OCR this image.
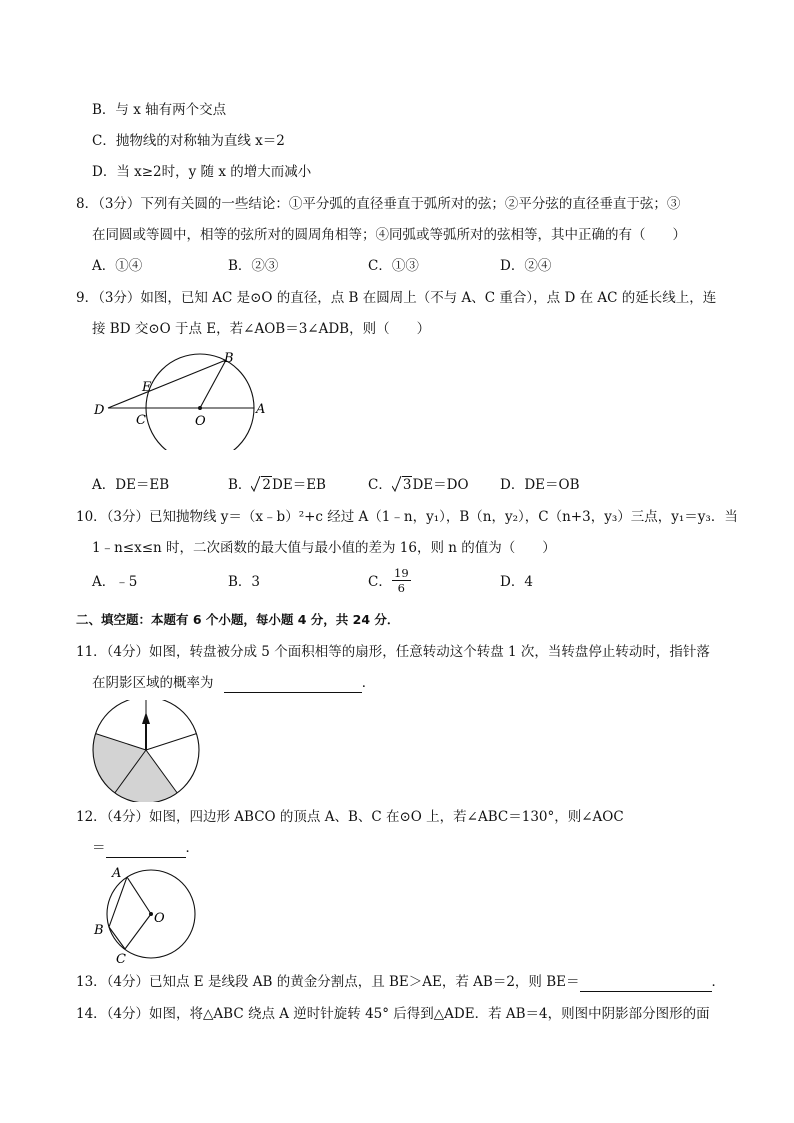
B．与 x 轴有两个交点
C．抛物线的对称轴为直线 x＝2
D．当 x≥2时，y 随 x 的增大而减小
8．（3分）下列有关圆的一些结论：①平分弧的直径垂直于弧所对的弦；②平分弦的直径垂直于弦；③
在同圆或等圆中，相等的弦所对的圆周角相等；④同弧或等弧所对的弦相等，其中正确的有（　　）
A．①④	B．②③	C．①③	D．②④
9．（3分）如图，已知 AC 是⊙O 的直径，点 B 在圆周上（不与 A、C 重合），点 D 在 AC 的延长线上，连
接 BD 交⊙O 于点 E，若∠AOB＝3∠ADB，则（　　）
B
E
D
C	O
A
A．DE＝EB	B． 2DE＝EB	C． 3DE＝DO D．DE＝OB
10．（3分）已知抛物线 y＝（x﹣b）²+c 经过 A（1﹣n，y₁），B（n，y₂），C（n+3，y₃）三点，y₁＝y₃．当
1﹣n≤x≤n 时，二次函数的最大值与最小值的差为 16，则 n 的值为（　　）
A．﹣5	B．3	C．	D．4
$\frac{19}{6}$
二、填空题：本题有 6 个小题，每小题 4 分，共 24 分．
11．（4分）如图，转盘被分成 5 个面积相等的扇形，任意转动这个转盘 1 次，当转盘停止转动时，指针落
在阴影区域的概率为	．
12．（4分）如图，四边形 ABCO 的顶点 A、B、C 在⊙O 上，若∠ABC＝130°，则∠AOC
＝	．
A
B
C
O
13．（4分）已知点 E 是线段 AB 的黄金分割点，且 BE＞AE，若 AB＝2，则 BE＝	．
14．（4分）如图，将△ABC 绕点 A 逆时针旋转 45° 后得到△ADE．若 AB＝4，则图中阴影部分图形的面
